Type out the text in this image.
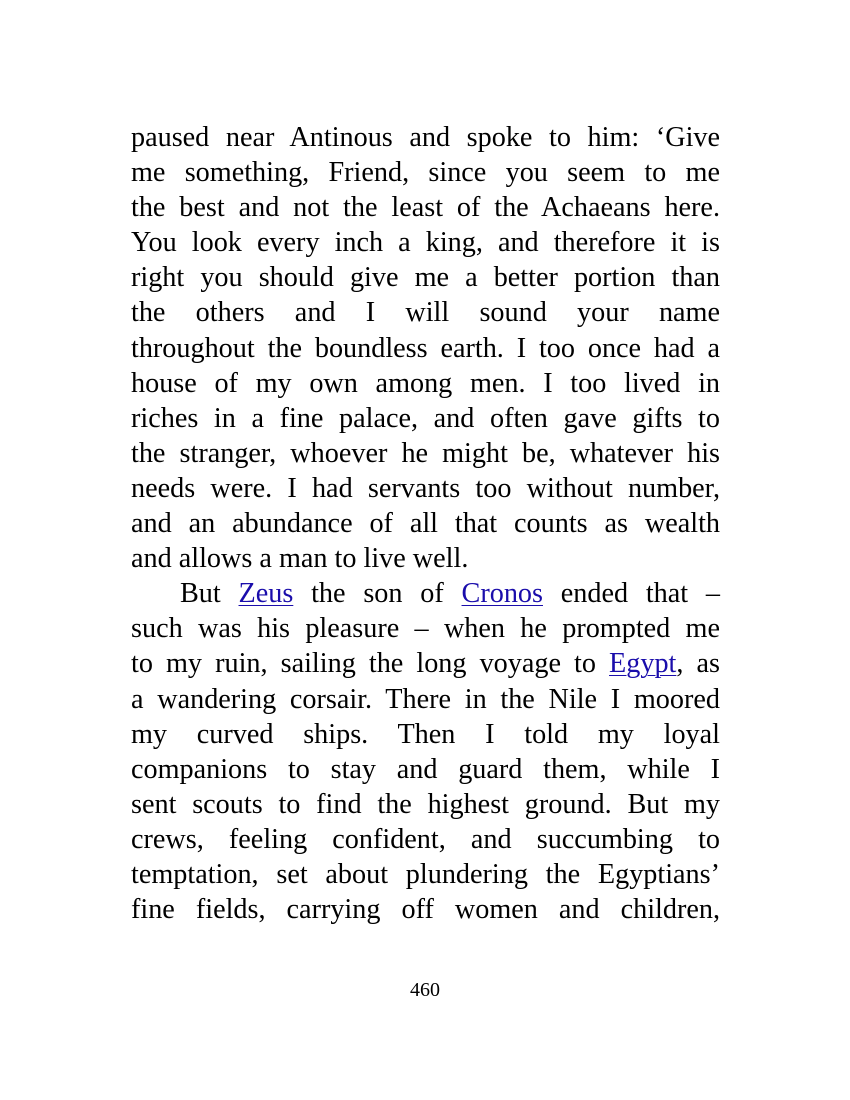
paused near Antinous and spoke to him: ‘Give
me something, Friend, since you seem to me
the best and not the least of the Achaeans here.
You look every inch a king, and therefore it is
right you should give me a better portion than
the others and I will sound your name
throughout the boundless earth. I too once had a
house of my own among men. I too lived in
riches in a fine palace, and often gave gifts to
the stranger, whoever he might be, whatever his
needs were. I had servants too without number,
and an abundance of all that counts as wealth
and allows a man to live well.
But Zeus the son of Cronos ended that –
such was his pleasure – when he prompted me
to my ruin, sailing the long voyage to Egypt, as
a wandering corsair. There in the Nile I moored
my curved ships. Then I told my loyal
companions to stay and guard them, while I
sent scouts to find the highest ground. But my
crews, feeling confident, and succumbing to
temptation, set about plundering the Egyptians’
fine fields, carrying off women and children,
460
